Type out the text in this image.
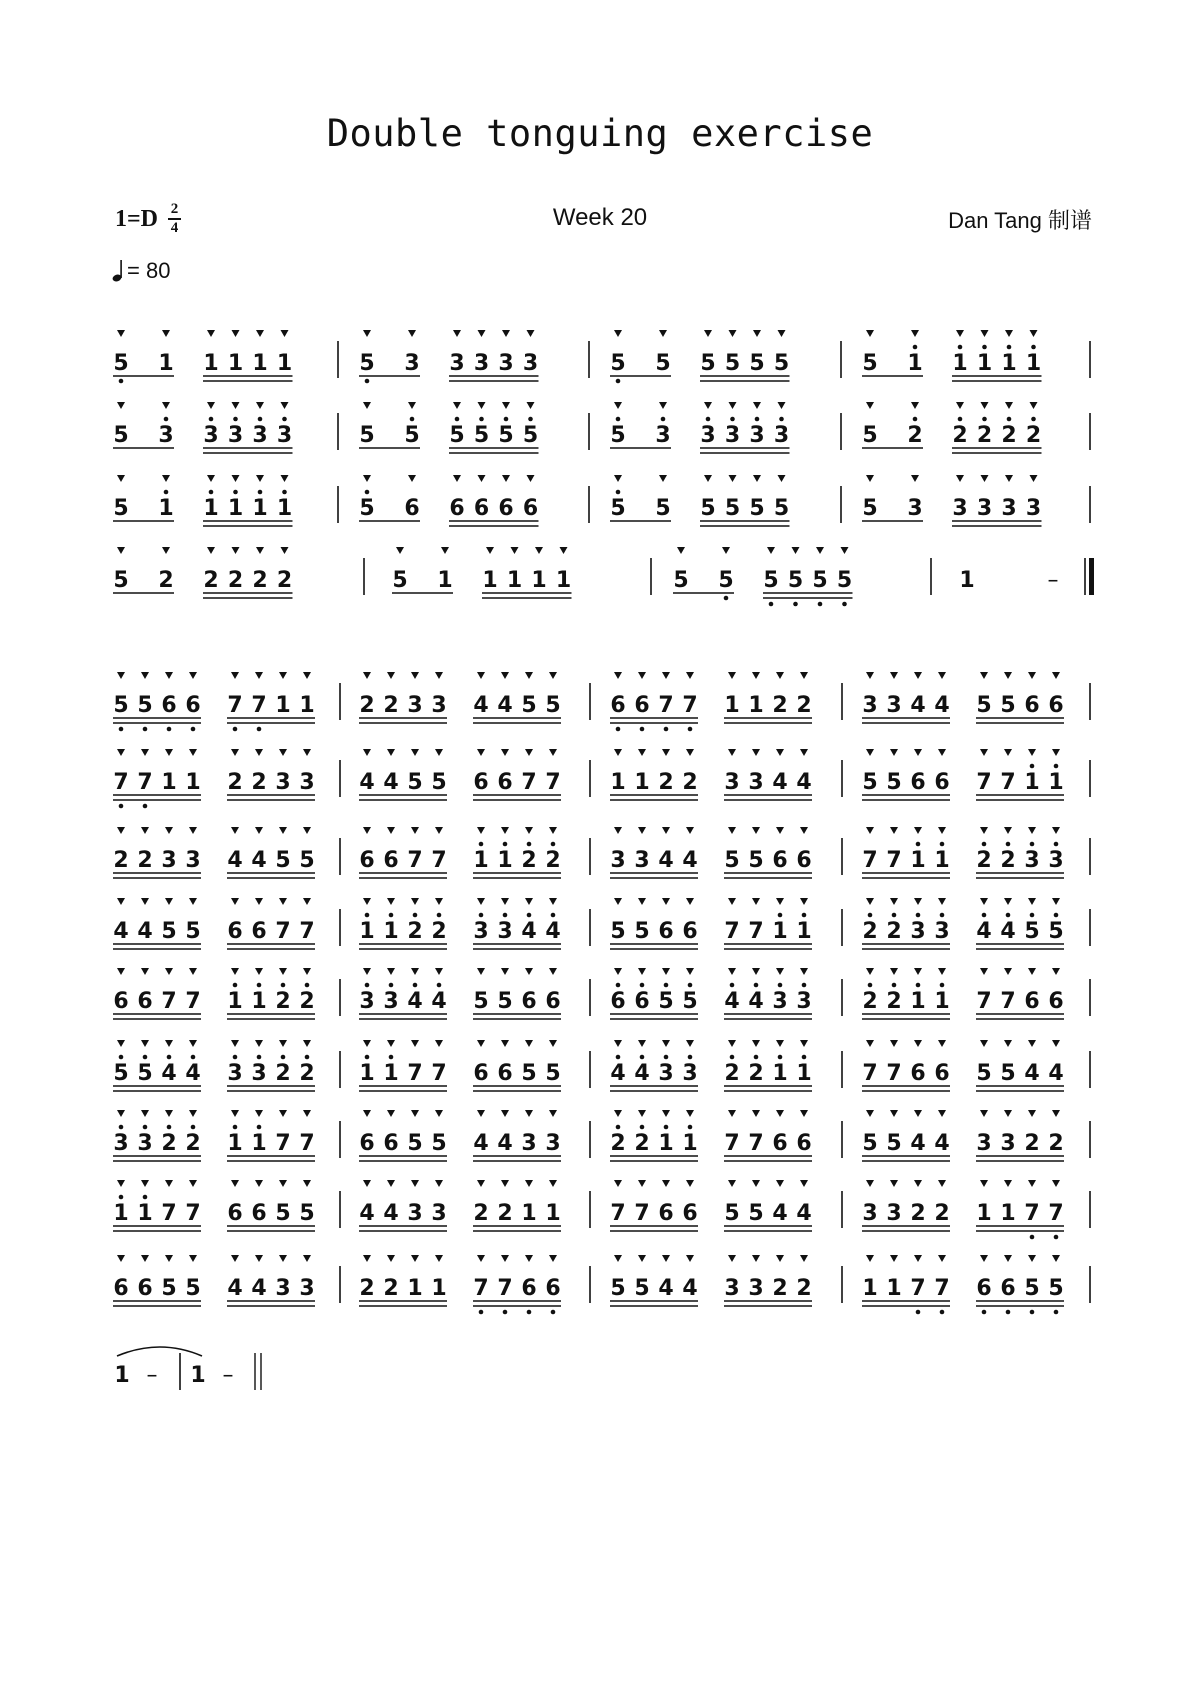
Double tonguing exercise
1=D 2
4	Week 20	Dan Tang 制谱
= 80
5 1 1 1 1 1	5 3 3 3 3 3	5 5 5 5 5 5	5 1 1 1 1 1
5 3 3 3 3 3	5 5 5 5 5 5	5 3 3 3 3 3	5 2 2 2 2 2
5 1 1 1 1 1	5 6 6 6 6 6	5 5 5 5 5 5	5 3 3 3 3 3
5 2 2 2 2 2	5 1 1 1 1 1	5 5 5 5 5 5	1	–
5 5 6 6 7 7 1 1 2 2 3 3 4 4 5 5 6 6 7 7 1 1 2 2 3 3 4 4 5 5 6 6
7 7 1 1 2 2 3 3 4 4 5 5 6 6 7 7 1 1 2 2 3 3 4 4 5 5 6 6 7 7 1 1
2 2 3 3 4 4 5 5 6 6 7 7 1 1 2 2 3 3 4 4 5 5 6 6 7 7 1 1 2 2 3 3
4 4 5 5 6 6 7 7 1 1 2 2 3 3 4 4 5 5 6 6 7 7 1 1 2 2 3 3 4 4 5 5
6 6 7 7 1 1 2 2 3 3 4 4 5 5 6 6 6 6 5 5 4 4 3 3 2 2 1 1 7 7 6 6
5 5 4 4 3 3 2 2 1 1 7 7 6 6 5 5 4 4 3 3 2 2 1 1 7 7 6 6 5 5 4 4
3 3 2 2 1 1 7 7 6 6 5 5 4 4 3 3 2 2 1 1 7 7 6 6 5 5 4 4 3 3 2 2
1 1 7 7 6 6 5 5 4 4 3 3 2 2 1 1 7 7 6 6 5 5 4 4 3 3 2 2 1 1 7 7
6 6 5 5 4 4 3 3 2 2 1 1 7 7 6 6 5 5 4 4 3 3 2 2 1 1 7 7 6 6 5 5
1 – 1 –
